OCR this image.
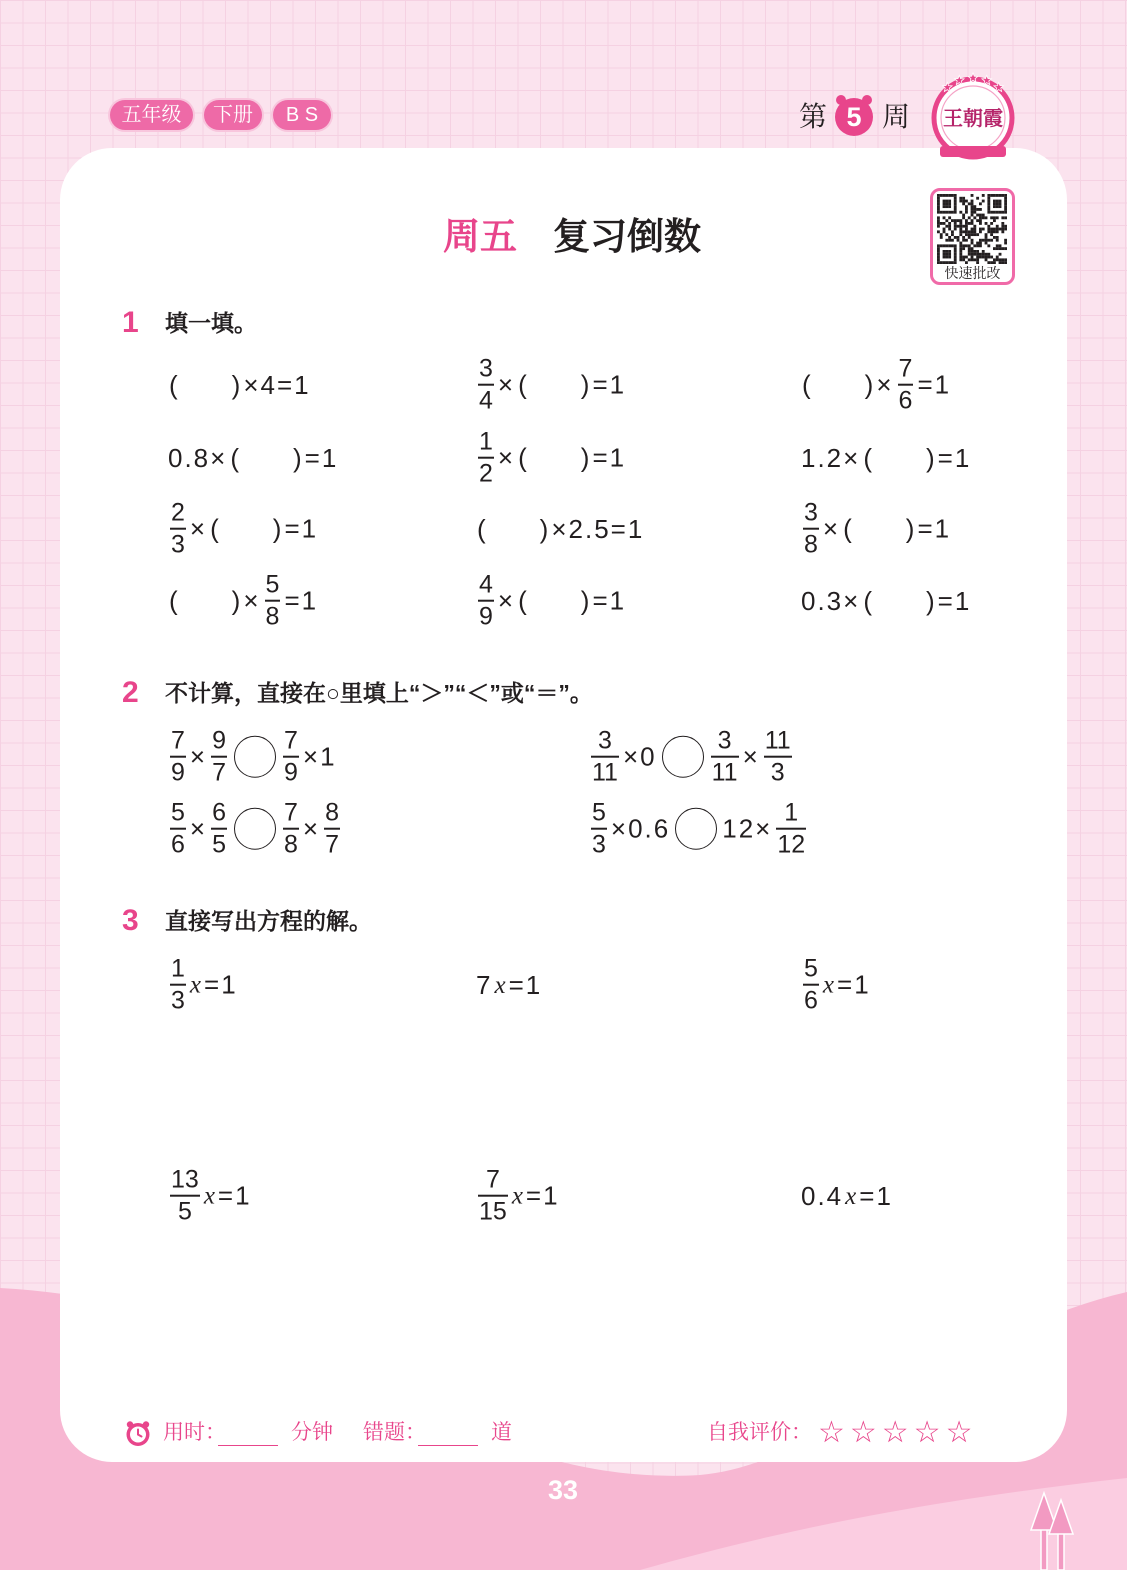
五年级	下册	B S	第 5 周 王朝霞
周五 复习倒数
快速批改
1	填一填。
( ) ×4=1	$\frac{3}{4}$ × ( ) =1	( ) × $\frac{7}{6} =1$
0.8× ( ) =1	$\frac{1}{2}$ × ( ) =1	1.2× ( ) =1
$\frac{2}{3}$ × ( ) =1	( ) ×2.5=1	$\frac{3}{8}$ × ( ) =1
( ) × $\frac{5}{8} =1$	$\frac{4}{9}$ × ( ) =1	0.3× ( ) =1
2	不计算，直接在○里填上“＞”“＜”或“＝”。
$\frac{7}{9} \times \frac{9}{7} \frac{7}{9} \times 1$	$\frac{3}{11} \times 0 \frac{3}{11} \times \frac{11}{3}$
$\frac{5}{6} \times \frac{6}{5} \frac{7}{8} \times \frac{8}{7}$	$\frac{5}{3} \times 0.6$ $12\times \frac{1}{12}$
3	直接写出方程的解。
$\frac{1}{3}$ x =1	7 x =1	$\frac{5}{6}$ x =1
$\frac{13}{5}$ x =1	$\frac{7}{15}$ x =1	0.4 x =1
用时：	分钟 错题：	道	自我评价： ☆☆☆☆☆
33
